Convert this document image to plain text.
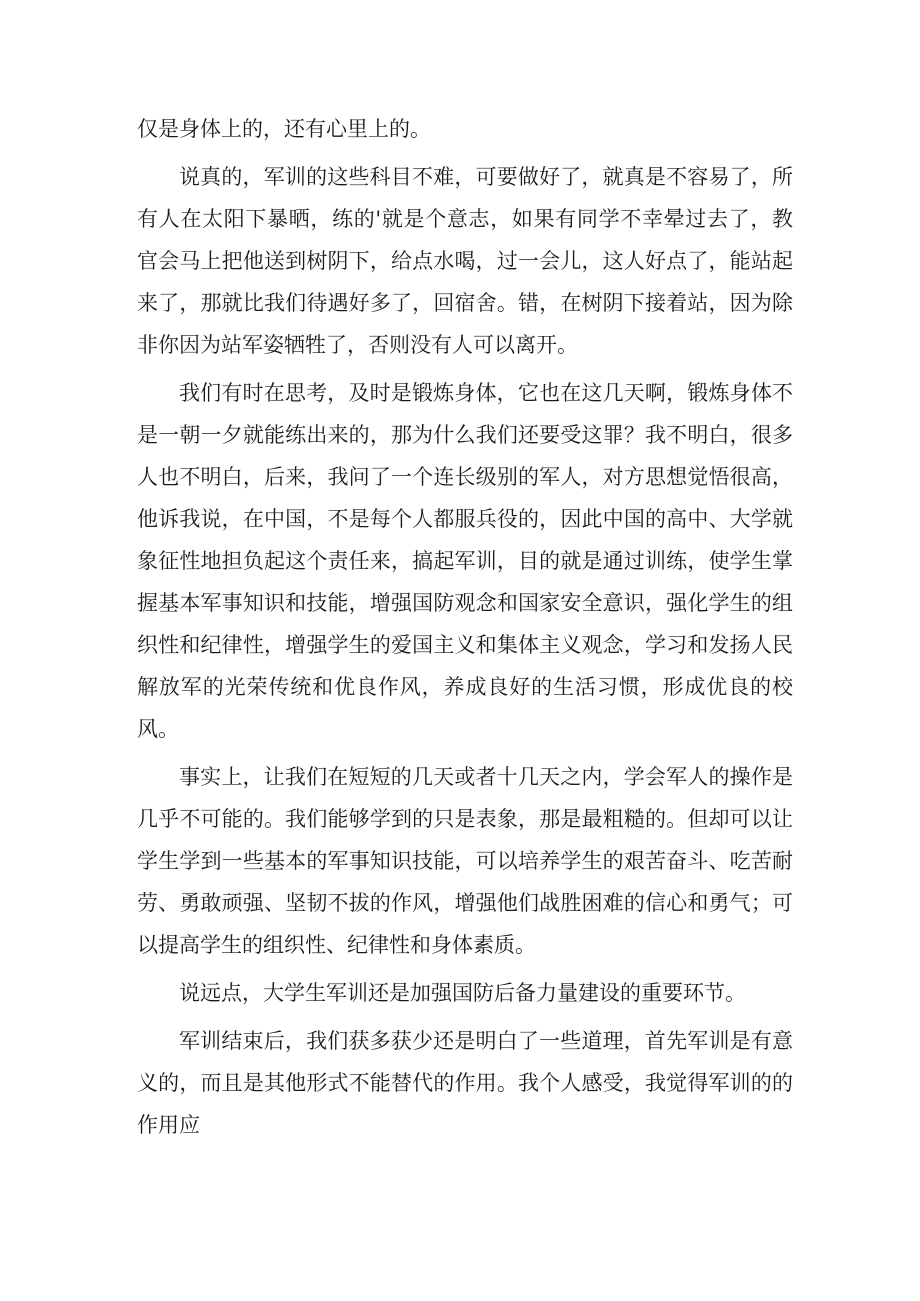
仅是身体上的，还有心里上的。

说真的，军训的这些科目不难，可要做好了，就真是不容易了，所有人在太阳下暴晒，练的'就是个意志，如果有同学不幸晕过去了，教官会马上把他送到树阴下，给点水喝，过一会儿，这人好点了，能站起来了，那就比我们待遇好多了，回宿舍。错，在树阴下接着站，因为除非你因为站军姿牺牲了，否则没有人可以离开。

我们有时在思考，及时是锻炼身体，它也在这几天啊，锻炼身体不是一朝一夕就能练出来的，那为什么我们还要受这罪？我不明白，很多人也不明白，后来，我问了一个连长级别的军人，对方思想觉悟很高，他诉我说，在中国，不是每个人都服兵役的，因此中国的高中、大学就象征性地担负起这个责任来，搞起军训，目的就是通过训练，使学生掌握基本军事知识和技能，增强国防观念和国家安全意识，强化学生的组织性和纪律性，增强学生的爱国主义和集体主义观念，学习和发扬人民解放军的光荣传统和优良作风，养成良好的生活习惯，形成优良的校风。

事实上，让我们在短短的几天或者十几天之内，学会军人的操作是几乎不可能的。我们能够学到的只是表象，那是最粗糙的。但却可以让学生学到一些基本的军事知识技能，可以培养学生的艰苦奋斗、吃苦耐劳、勇敢顽强、坚韧不拔的作风，增强他们战胜困难的信心和勇气；可以提高学生的组织性、纪律性和身体素质。

说远点，大学生军训还是加强国防后备力量建设的重要环节。

军训结束后，我们获多获少还是明白了一些道理，首先军训是有意义的，而且是其他形式不能替代的作用。我个人感受，我觉得军训的的作用应
